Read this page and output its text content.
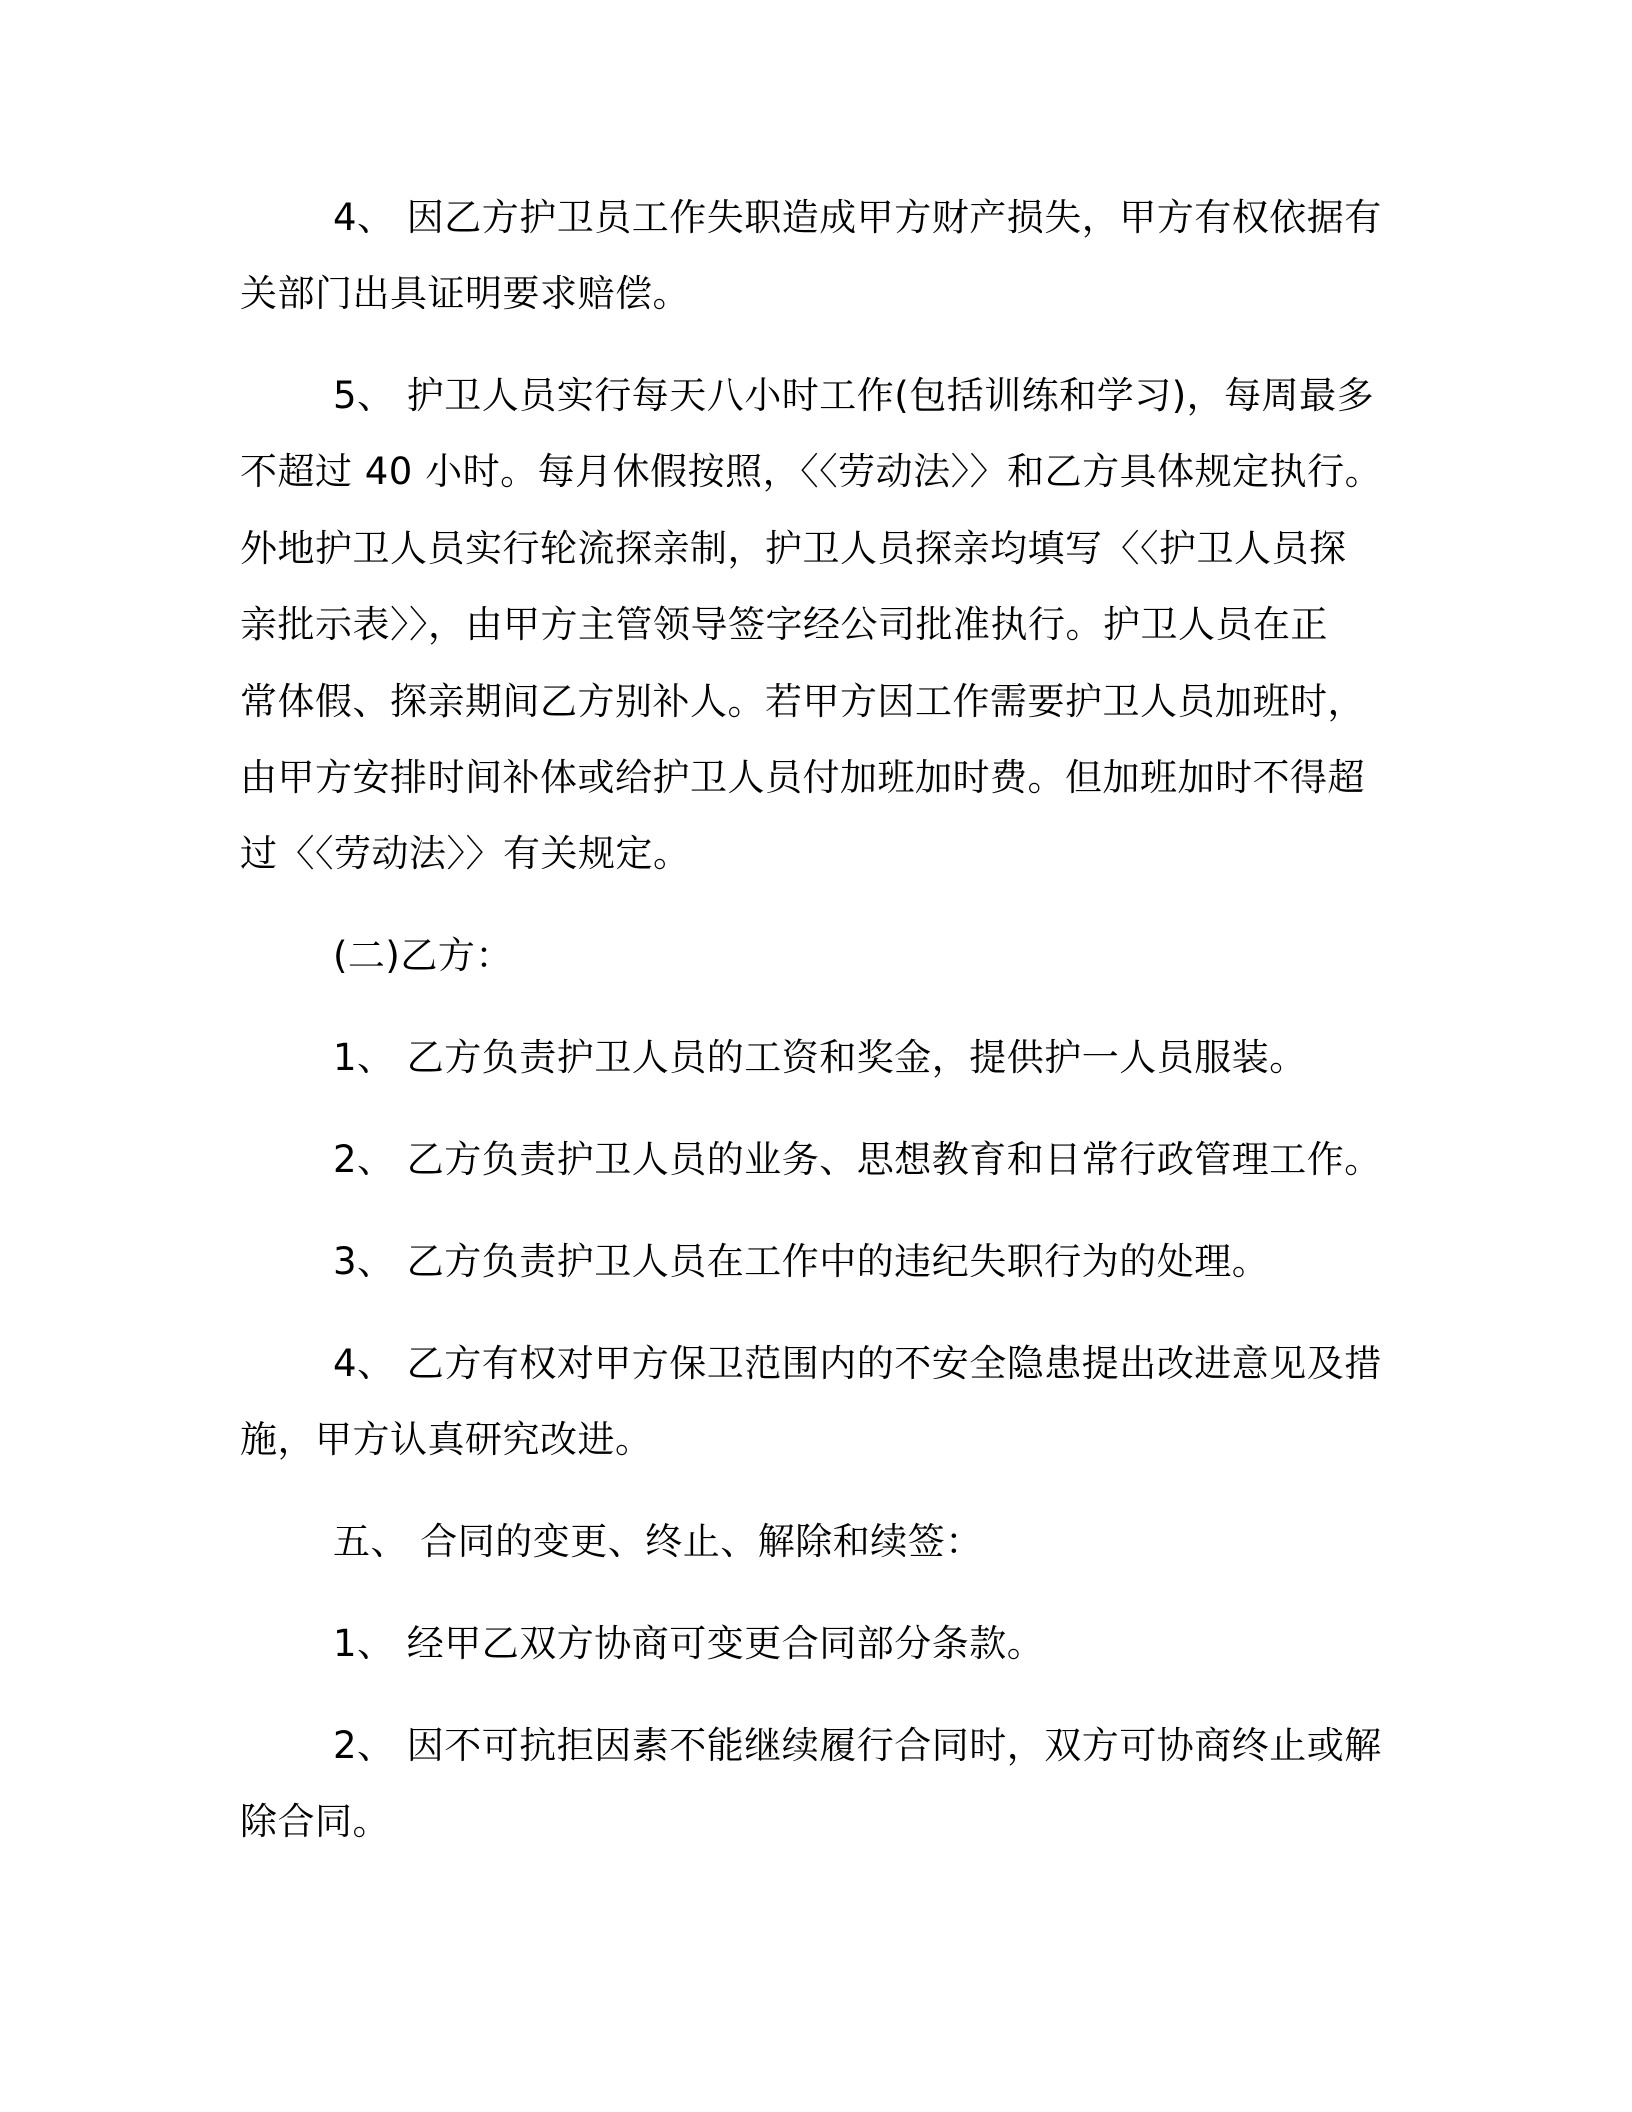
4、 因乙方护卫员工作失职造成甲方财产损失，甲方有权依据有

关部门出具证明要求赔偿。

5、 护卫人员实行每天八小时工作(包括训练和学习)，每周最多

不超过 40 小时。每月休假按照，〈〈劳动法〉〉和乙方具体规定执行。

外地护卫人员实行轮流探亲制，护卫人员探亲均填写〈〈护卫人员探

亲批示表〉〉，由甲方主管领导签字经公司批准执行。护卫人员在正

常体假、探亲期间乙方别补人。若甲方因工作需要护卫人员加班时，

由甲方安排时间补体或给护卫人员付加班加时费。但加班加时不得超

过〈〈劳动法〉〉有关规定。

(二)乙方：

1、 乙方负责护卫人员的工资和奖金，提供护一人员服装。

2、 乙方负责护卫人员的业务、思想教育和日常行政管理工作。

3、 乙方负责护卫人员在工作中的违纪失职行为的处理。

4、 乙方有权对甲方保卫范围内的不安全隐患提出改进意见及措

施，甲方认真研究改进。

五、 合同的变更、终止、解除和续签：

1、 经甲乙双方协商可变更合同部分条款。

2、 因不可抗拒因素不能继续履行合同时，双方可协商终止或解

除合同。
